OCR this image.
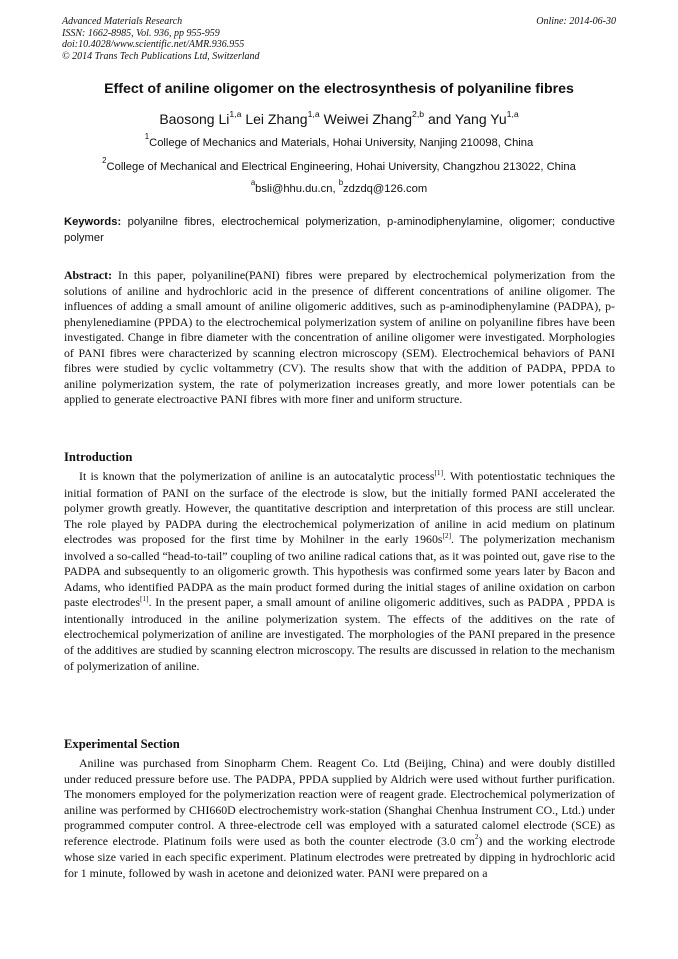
Advanced Materials Research
ISSN: 1662-8985, Vol. 936, pp 955-959
doi:10.4028/www.scientific.net/AMR.936.955
© 2014 Trans Tech Publications Ltd, Switzerland
Online: 2014-06-30
Effect of aniline oligomer on the electrosynthesis of polyaniline fibres
Baosong Li$^{1,a}$ Lei Zhang$^{1,a}$ Weiwei Zhang$^{2,b}$ and Yang Yu$^{1,a}$
$^1$College of Mechanics and Materials, Hohai University, Nanjing 210098, China
$^2$College of Mechanical and Electrical Engineering, Hohai University, Changzhou 213022, China
$^a$bsli@hhu.du.cn, $^b$zdzdq@126.com
Keywords: polyanilne fibres, electrochemical polymerization, p-aminodiphenylamine, oligomer; conductive polymer
Abstract: In this paper, polyaniline(PANI) fibres were prepared by electrochemical polymerization from the solutions of aniline and hydrochloric acid in the presence of different concentrations of aniline oligomer. The influences of adding a small amount of aniline oligomeric additives, such as p-aminodiphenylamine (PADPA), p-phenylenediamine (PPDA) to the electrochemical polymerization system of aniline on polyaniline fibres have been investigated. Change in fibre diameter with the concentration of aniline oligomer were investigated. Morphologies of PANI fibres were characterized by scanning electron microscopy (SEM). Electrochemical behaviors of PANI fibres were studied by cyclic voltammetry (CV). The results show that with the addition of PADPA, PPDA to aniline polymerization system, the rate of polymerization increases greatly, and more lower potentials can be applied to generate electroactive PANI fibres with more finer and uniform structure.
Introduction
It is known that the polymerization of aniline is an autocatalytic process[1]. With potentiostatic techniques the initial formation of PANI on the surface of the electrode is slow, but the initially formed PANI accelerated the polymer growth greatly. However, the quantitative description and interpretation of this process are still unclear. The role played by PADPA during the electrochemical polymerization of aniline in acid medium on platinum electrodes was proposed for the first time by Mohilner in the early 1960s[2]. The polymerization mechanism involved a so-called “head-to-tail” coupling of two aniline radical cations that, as it was pointed out, gave rise to the PADPA and subsequently to an oligomeric growth. This hypothesis was confirmed some years later by Bacon and Adams, who identified PADPA as the main product formed during the initial stages of aniline oxidation on carbon paste electrodes[1]. In the present paper, a small amount of aniline oligomeric additives, such as PADPA , PPDA is intentionally introduced in the aniline polymerization system. The effects of the additives on the rate of electrochemical polymerization of aniline are investigated. The morphologies of the PANI prepared in the presence of the additives are studied by scanning electron microscopy. The results are discussed in relation to the mechanism of polymerization of aniline.
Experimental Section
Aniline was purchased from Sinopharm Chem. Reagent Co. Ltd (Beijing, China) and were doubly distilled under reduced pressure before use. The PADPA, PPDA supplied by Aldrich were used without further purification. The monomers employed for the polymerization reaction were of reagent grade. Electrochemical polymerization of aniline was performed by CHI660D electrochemistry work-station (Shanghai Chenhua Instrument CO., Ltd.) under programmed computer control. A three-electrode cell was employed with a saturated calomel electrode (SCE) as reference electrode. Platinum foils were used as both the counter electrode (3.0 $cm^2$) and the working electrode whose size varied in each specific experiment. Platinum electrodes were pretreated by dipping in hydrochloric acid for 1 minute, followed by wash in acetone and deionized water. PANI were prepared on a
